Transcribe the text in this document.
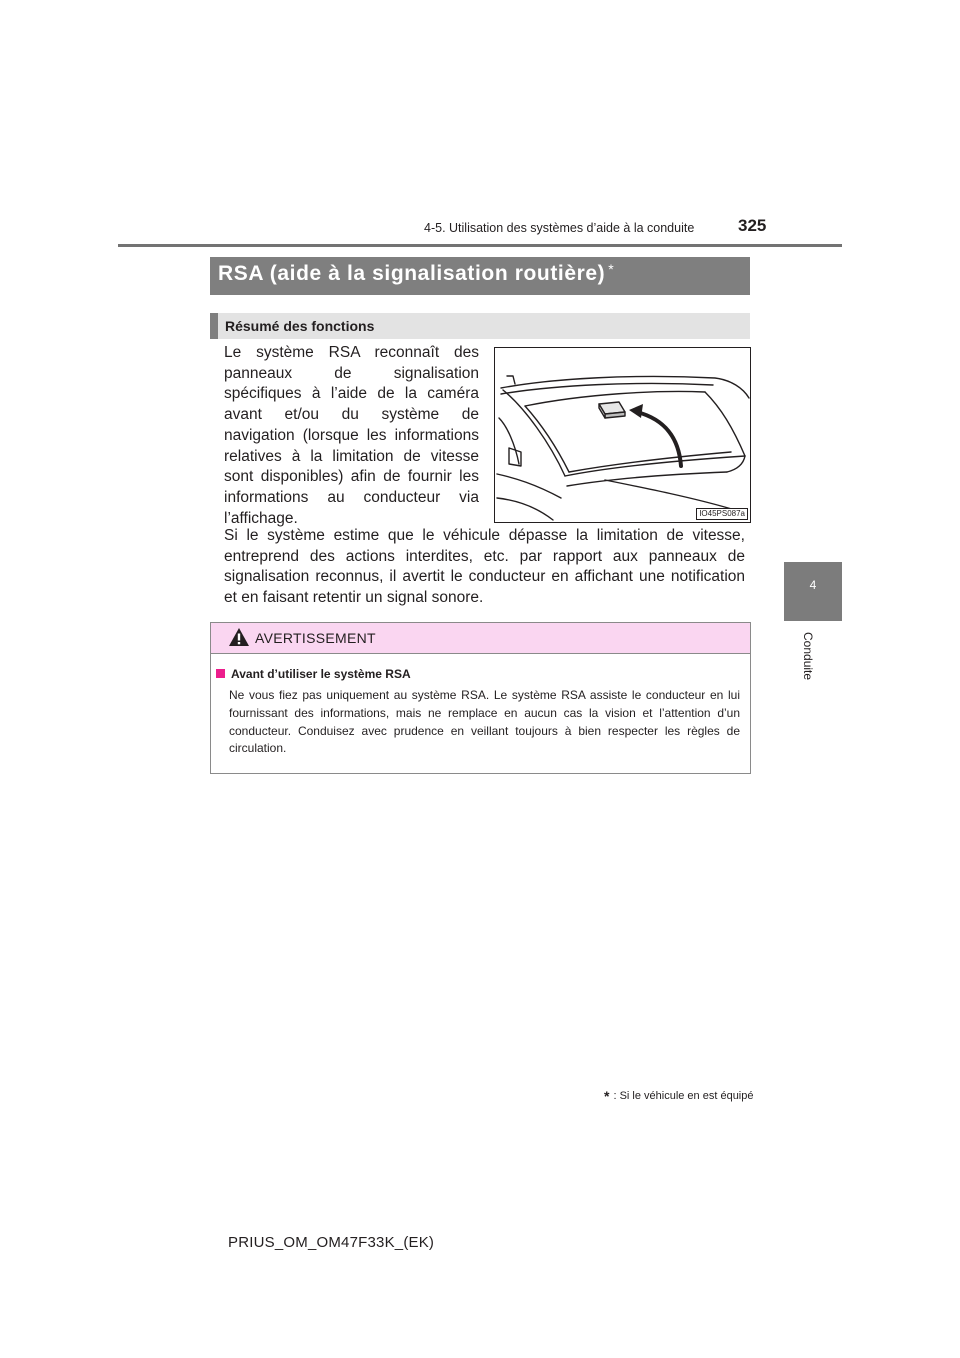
4-5. Utilisation des systèmes d’aide à la conduite	325
4
Conduite
RSA (aide à la signalisation routière) *
Résumé des fonctions
Le système RSA reconnaît des panneaux de signalisation spécifiques à l’aide de la caméra avant et/ou du système de navigation (lorsque les informations relatives à la limitation de vitesse sont disponibles) afin de fournir les informations au conducteur via l’affichage.	IO45PS087a
Si le système estime que le véhicule dépasse la limitation de vitesse, entreprend des actions interdites, etc. par rapport aux panneaux de signalisation reconnus, il avertit le conducteur en affichant une notification et en faisant retentir un signal sonore.
AVERTISSEMENT
Avant d’utiliser le système RSA
Ne vous fiez pas uniquement au système RSA. Le système RSA assiste le conducteur en lui fournissant des informations, mais ne remplace en aucun cas la vision et l’attention d’un conducteur. Conduisez avec prudence en veillant toujours à bien respecter les règles de circulation.
* : Si le véhicule en est équipé
PRIUS_OM_OM47F33K_(EK)
